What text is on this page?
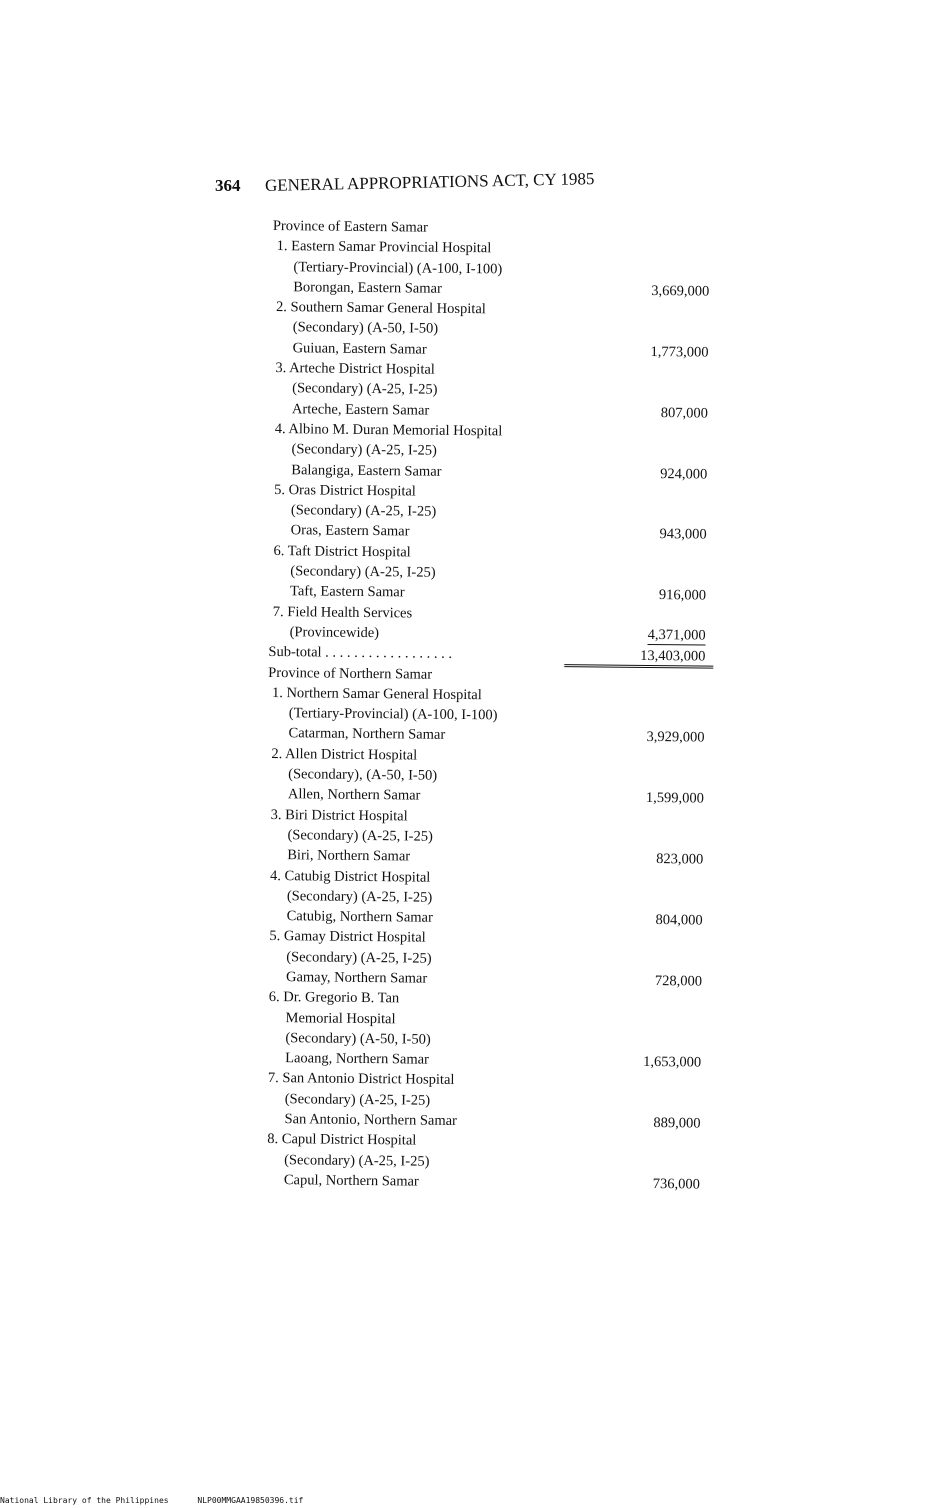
364 GENERAL APPROPRIATIONS ACT, CY 1985
Province of Eastern Samar
1. Eastern Samar Provincial Hospital
(Tertiary-Provincial) (A-100, I-100)
Borongan, Eastern Samar	3,669,000
2. Southern Samar General Hospital
(Secondary) (A-50, I-50)
Guiuan, Eastern Samar	1,773,000
3. Arteche District Hospital
(Secondary) (A-25, I-25)
Arteche, Eastern Samar	807,000
4. Albino M. Duran Memorial Hospital
(Secondary) (A-25, I-25)
Balangiga, Eastern Samar	924,000
5. Oras District Hospital
(Secondary) (A-25, I-25)
Oras, Eastern Samar	943,000
6. Taft District Hospital
(Secondary) (A-25, I-25)
Taft, Eastern Samar	916,000
7. Field Health Services
(Provincewide)	4,371,000
Sub-total . . . . . . . . . . . . . . . . . .	13,403,000
Province of Northern Samar
1. Northern Samar General Hospital
(Tertiary-Provincial) (A-100, I-100)
Catarman, Northern Samar	3,929,000
2. Allen District Hospital
(Secondary), (A-50, I-50)
Allen, Northern Samar	1,599,000
3. Biri District Hospital
(Secondary) (A-25, I-25)
Biri, Northern Samar	823,000
4. Catubig District Hospital
(Secondary) (A-25, I-25)
Catubig, Northern Samar	804,000
5. Gamay District Hospital
(Secondary) (A-25, I-25)
Gamay, Northern Samar	728,000
6. Dr. Gregorio B. Tan
Memorial Hospital
(Secondary) (A-50, I-50)
Laoang, Northern Samar	1,653,000
7. San Antonio District Hospital
(Secondary) (A-25, I-25)
San Antonio, Northern Samar	889,000
8. Capul District Hospital
(Secondary) (A-25, I-25)
Capul, Northern Samar	736,000
National Library of the Philippines	NLP00MMGAA19850396.tif
